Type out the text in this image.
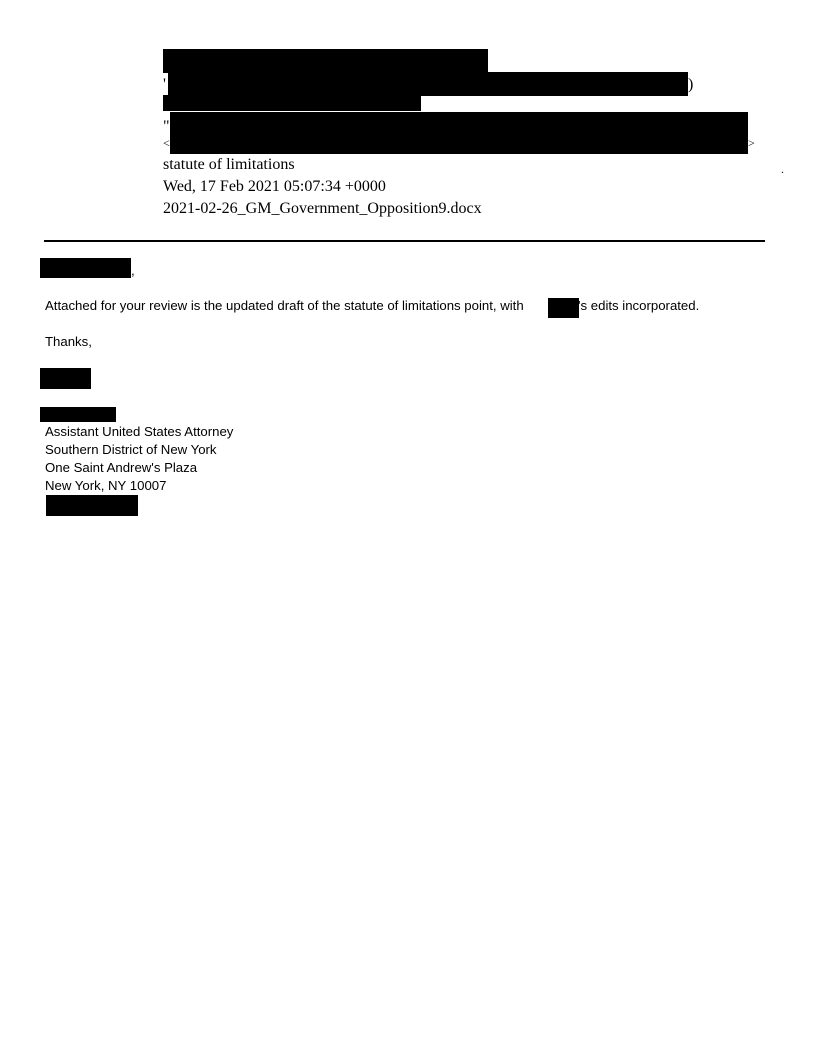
'	)
"
<	>
statute of limitations
Wed, 17 Feb 2021 05:07:34 +0000
2021-02-26_GM_Government_Opposition9.docx
.
,
Attached for your review is the updated draft of the statute of limitations point, with	's edits incorporated.
Thanks,
Assistant United States Attorney
Southern District of New York
One Saint Andrew's Plaza
New York, NY 10007
